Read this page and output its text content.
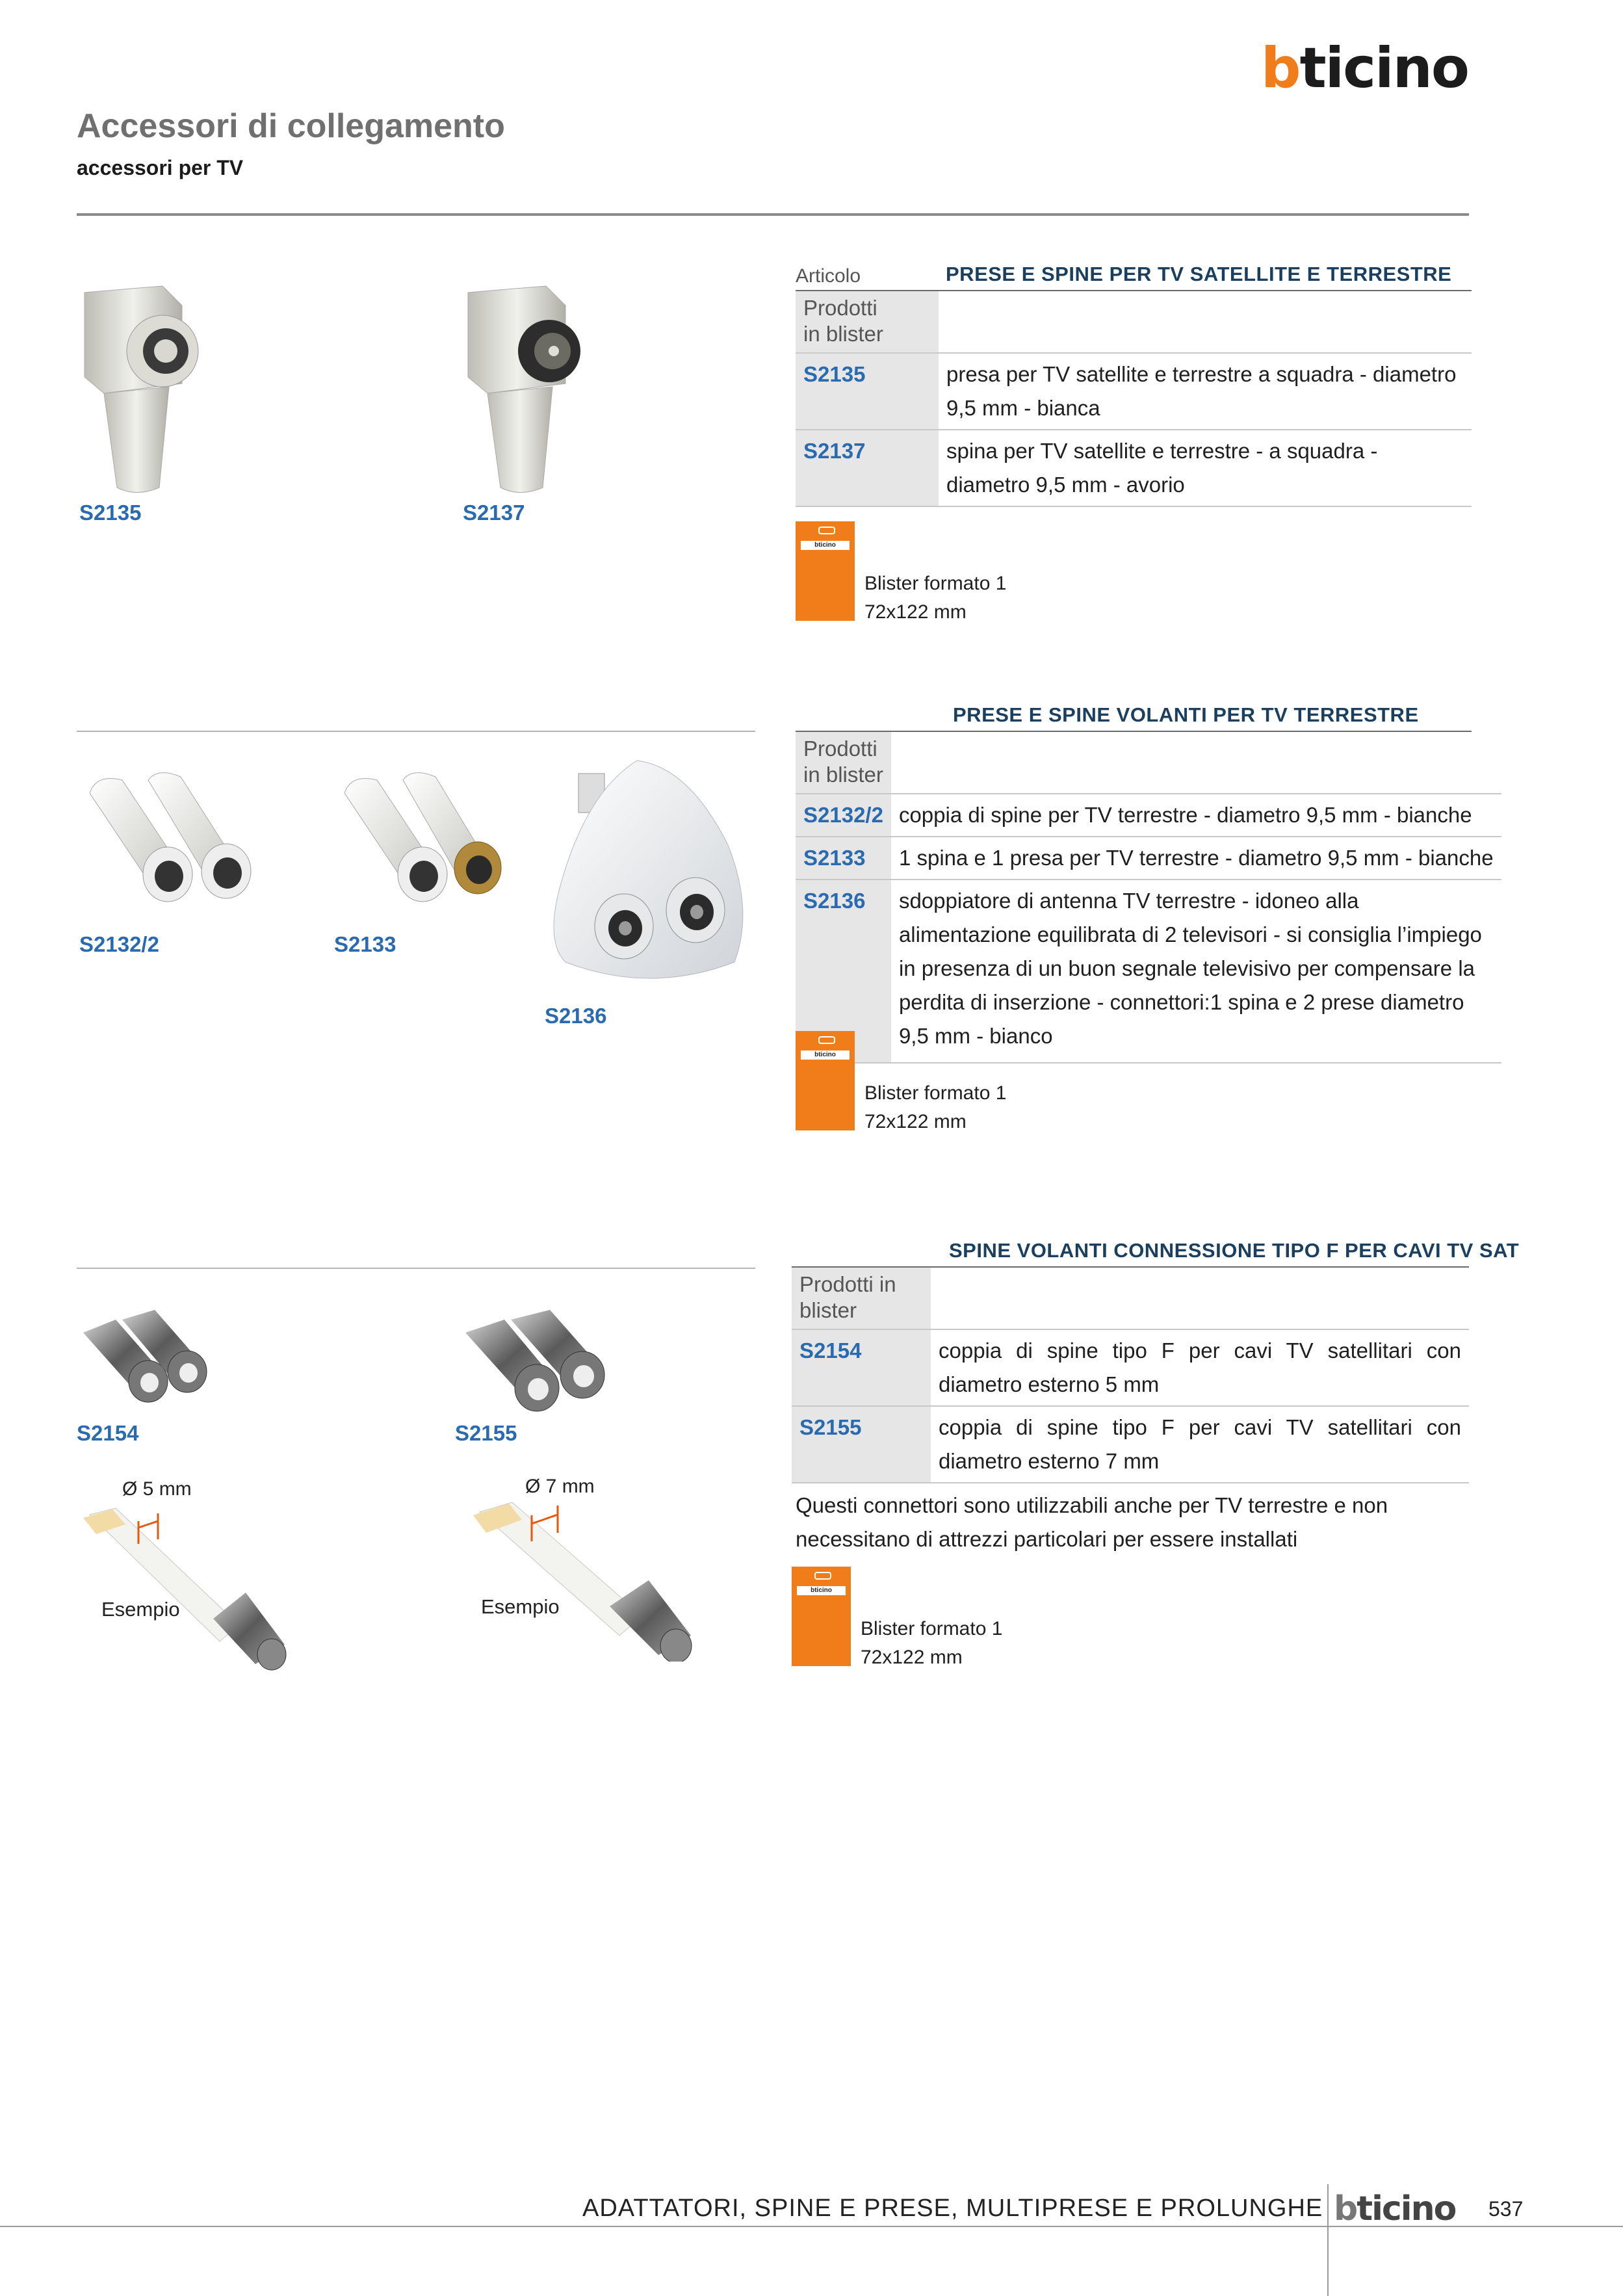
bticino
Accessori di collegamento
accessori per TV
S2135	S2137
Articolo	PRESE E SPINE PER TV SATELLITE E TERRESTRE
Prodotti
in blister	
S2135	presa per TV satellite e terrestre a squadra - diametro 9,5 mm - bianca
S2137	spina per TV satellite e terrestre - a squadra - diametro 9,5 mm - avorio
bticino
Blister formato 1
72x122 mm
S2132/2	S2133
S2136
PRESE E SPINE VOLANTI PER TV TERRESTRE
Prodotti
in blister	
S2132/2	coppia di spine per TV terrestre - diametro 9,5 mm - bianche
S2133	1 spina e 1 presa per TV terrestre - diametro 9,5 mm - bianche
S2136	sdoppiatore di antenna TV terrestre - idoneo alla alimentazione equilibrata di 2 televisori - si consiglia l’impiego in presenza di un buon segnale televisivo per compensare la perdita di inserzione - connettori:1 spina e 2 prese diametro 9,5 mm - bianco
bticino
Blister formato 1
72x122 mm
S2154	S2155
Ø 5 mm	Ø 7 mm
Esempio	Esempio
SPINE VOLANTI CONNESSIONE TIPO F PER CAVI TV SAT
Prodotti in
blister	
S2154	coppia di spine tipo F per cavi TV satellitari con diametro esterno 5 mm
S2155	coppia di spine tipo F per cavi TV satellitari con diametro esterno 7 mm
Questi connettori sono utilizzabili anche per TV terrestre e non necessitano di attrezzi particolari per essere installati
bticino
Blister formato 1
72x122 mm
ADATTATORI, SPINE E PRESE, MULTIPRESE E PROLUNGHE bticino 537
